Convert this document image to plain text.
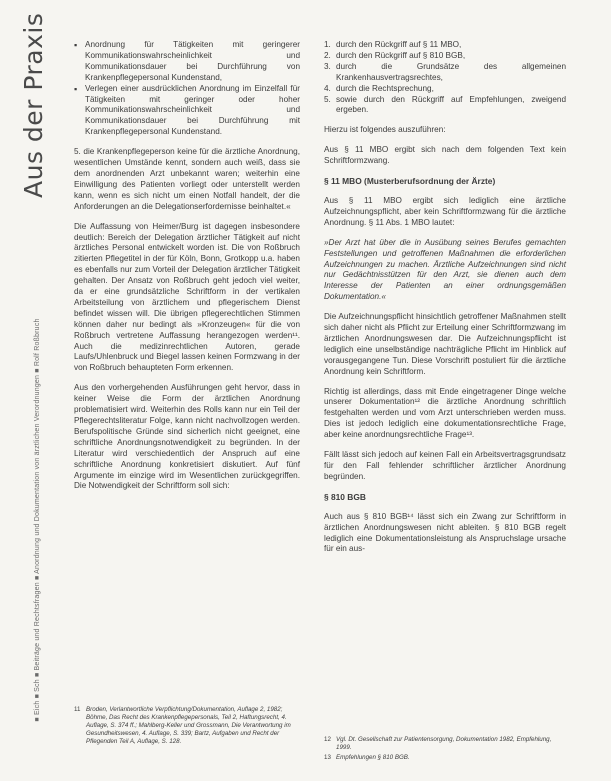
Aus der Praxis
■ Eich ■ Sch ■ Beiträge und Rechtsfragen ■ Anordnung und Dokumentation von ärztlichen Verordnungen ■ Rolf Roßbruch
▪ Anordnung für Tätigkeiten mit geringerer Kommunikationswahrscheinlichkeit und Kommunikationsdauer bei Durchführung von Krankenpflegepersonal Kundenstand,
▪ Verlegen einer ausdrücklichen Anordnung im Einzelfall für Tätigkeiten mit geringer oder hoher Kommunikationswahrscheinlichkeit und Kommunikationsdauer bei Durchführung mit Krankenpflegepersonal Kundenstand.

5. die Krankenpflegeperson keine für die ärztliche Anordnung, wesentlichen Umstände kennt, sondern auch weiß, dass sie dem anordnenden Arzt unbekannt waren; weiterhin eine Einwilligung des Patienten vorliegt oder unterstellt werden kann, wenn es sich nicht um einen Notfall handelt, der die Anforderungen an die Delegationserfordernisse beinhaltet.«

Die Auffassung von Heimer/Burg ist dagegen insbesondere deutlich: Bereich der Delegation ärztlicher Tätigkeit auf nicht ärztliches Personal entwickelt worden ist. Die von Roßbruch zitierten Pflegetitel in der für Köln, Bonn, Grotkopp u.a. haben es ebenfalls nur zum Vorteil der Delegation ärztlicher Tätigkeit gehalten. Der Ansatz von Roßbruch geht jedoch viel weiter, da er eine grundsätzliche Schriftform in der vertikalen Arbeitsteilung von ärztlichem und pflegerischem Dienst befindet wissen will. Die übrigen pflegerechtlichen Stimmen können daher nur bedingt als »Kronzeugen« für die von Roßbruch vertretene Auffassung herangezogen werden¹¹. Auch die medizinrechtlichen Autoren, gerade Laufs/Uhlenbruck und Biegel lassen keinen Formzwang in der von Roßbruch behaupteten Form erkennen.

Aus den vorhergehenden Ausführungen geht hervor, dass in keiner Weise die Form der ärztlichen Anordnung problematisiert wird. Weiterhin des Rolls kann nur ein Teil der Pflegerechtsliteratur Folge, kann nicht nachvollzogen werden. Berufspolitische Gründe sind sicherlich nicht geeignet, eine schriftliche Anordnungsnotwendigkeit zu begründen. In der Literatur wird verschiedentlich der Anspruch auf eine schriftliche Anordnung konkretisiert diskutiert. Auf fünf Argumente im einzige wird im Wesentlichen zurückgegriffen. Die Notwendigkeit der Schriftform soll sich:

11 Broden, Verlantwortliche Verpflichtung/Dokumentation, Auflage 2, 1982; Böhme, Das Recht des Krankenpflegepersonals, Teil 2, Haftungsrecht, 4. Auflage, S. 374 ff.; Mahlberg-Keller und Grossmann, Die Verantwortung im Gesundheitswesen, 4. Auflage, S. 339; Bartz, Aufgaben und Recht der Pflegenden Teil A, Auflage, S. 128.
1. durch den Rückgriff auf § 11 MBO,
2. durch den Rückgriff auf § 810 BGB,
3. durch die Grundsätze des allgemeinen Krankenhausvertragsrechtes,
4. durch die Rechtsprechung,
5. sowie durch den Rückgriff auf Empfehlungen, zweigend ergeben.

Hierzu ist folgendes auszuführen:

Aus § 11 MBO ergibt sich nach dem folgenden Text kein Schriftformzwang.

§ 11 MBO (Musterberufsordnung der Ärzte)

Aus § 11 MBO ergibt sich lediglich eine ärztliche Aufzeichnungspflicht, aber kein Schriftformzwang für die ärztliche Anordnung. § 11 Abs. 1 MBO lautet:

»Der Arzt hat über die in Ausübung seines Berufes gemachten Feststellungen und getroffenen Maßnahmen die erforderlichen Aufzeichnungen zu machen. Ärztliche Aufzeichnungen sind nicht nur Gedächtnisstützen für den Arzt, sie dienen auch dem Interesse der Patienten an einer ordnungsgemäßen Dokumentation.«

Die Aufzeichnungspflicht hinsichtlich getroffener Maßnahmen stellt sich daher nicht als Pflicht zur Erteilung einer Schriftformzwang im ärztlichen Anordnungswesen dar. Die Aufzeichnungspflicht ist lediglich eine unselbständige nachträgliche Pflicht im Hinblick auf vorausgegangene Tun. Diese Vorschrift postuliert für die ärztliche Anordnung kein Schriftform.

Richtig ist allerdings, dass mit Ende eingetragener Dinge welche unserer Dokumentation¹² die ärztliche Anordnung schriftlich festgehalten werden und vom Arzt unterschrieben werden muss. Dies ist jedoch lediglich eine dokumentationsrechtliche Frage, aber keine anordnungsrechtliche Frage¹³.

Fällt lässt sich jedoch auf keinen Fall ein Arbeitsvertragsgrundsatz für den Fall fehlender schriftlicher ärztlicher Anordnung begründen.

§ 810 BGB

Auch aus § 810 BGB¹⁴ lässt sich ein Zwang zur Schriftform in ärztlichen Anordnungswesen nicht ableiten. § 810 BGB regelt lediglich eine Dokumentationsleistung als Anspruchslage ursache für ein aus-

12 Vgl. Dt. Gesellschaft zur Patientensorgung, Dokumentation 1982, Empfehlung, 1999.
13 Empfehlungen § 810 BGB.
